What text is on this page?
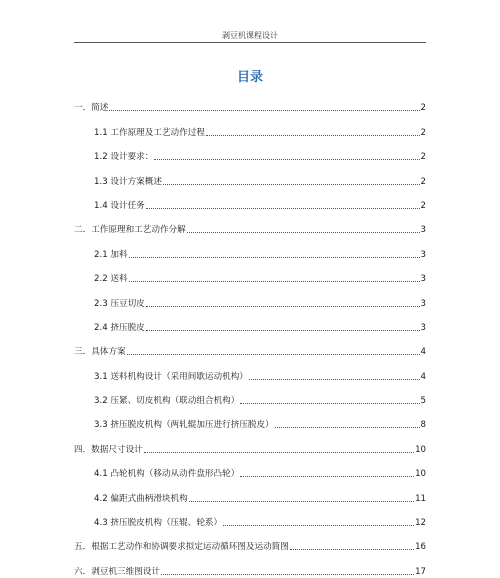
剥豆机课程设计
目录
一．简述	2
1.1 工作原理及工艺动作过程	2
1.2 设计要求：	2
1.3 设计方案概述	2
1.4 设计任务	2
二．工作原理和工艺动作分解	3
2.1 加料	3
2.2 送料	3
2.3 压豆切皮	3
2.4 挤压脱皮	3
三．具体方案	4
3.1 送料机构设计（采用间歇运动机构）	4
3.2 压紧、切皮机构（联动组合机构）	5
3.3 挤压脱皮机构（两轧辊加压进行挤压脱皮）	8
四．数据尺寸设计	10
4.1 凸轮机构（移动从动件盘形凸轮）	10
4.2 偏距式曲柄滑块机构	11
4.3 挤压脱皮机构（压辊、轮系）	12
五．根据工艺动作和协调要求拟定运动循环图及运动简图	16
六．剥豆机三维图设计	17
